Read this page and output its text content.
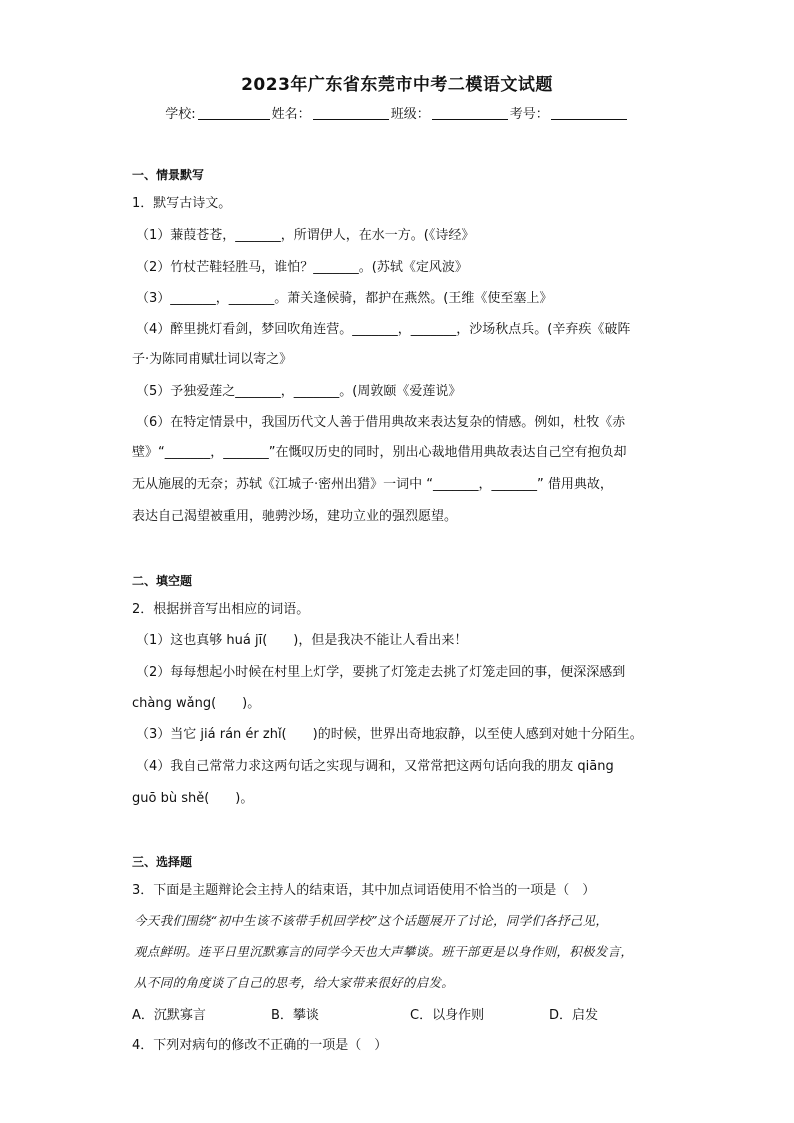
2023年广东省东莞市中考二模语文试题
学校:	姓名：	班级：	考号：
一、情景默写
1．默写古诗文。
（1）蒹葭苍苍，_______，所谓伊人，在水一方。(《诗经》
（2）竹杖芒鞋轻胜马，谁怕？_______。(苏轼《定风波》
（3）_______，_______。萧关逢候骑，都护在燕然。(王维《使至塞上》
（4）醉里挑灯看剑，梦回吹角连营。_______，_______，沙场秋点兵。(辛弃疾《破阵
子·为陈同甫赋壮词以寄之》
（5）予独爱莲之_______，_______。(周敦颐《爱莲说》
（6）在特定情景中，我国历代文人善于借用典故来表达复杂的情感。例如，杜牧《赤
壁》“_______，_______”在慨叹历史的同时，别出心裁地借用典故表达自己空有抱负却
无从施展的无奈；苏轼《江城子·密州出猎》一词中 “_______，_______” 借用典故，
表达自己渴望被重用，驰骋沙场，建功立业的强烈愿望。
二、填空题
2．根据拼音写出相应的词语。
（1）这也真够 huá jī(　　)，但是我决不能让人看出来！
（2）每每想起小时候在村里上灯学，要挑了灯笼走去挑了灯笼走回的事，便深深感到
chàng wǎng(　　)。
（3）当它 jiá rán ér zhǐ(　　)的时候，世界出奇地寂静，以至使人感到对她十分陌生。
（4）我自己常常力求这两句话之实现与调和，又常常把这两句话向我的朋友 qiāng
guō bù shě(　　)。
三、选择题
3．下面是主题辩论会主持人的结束语，其中加点词语使用不恰当的一项是（　）
今天我们围绕“初中生该不该带手机回学校”这个话题展开了讨论，同学们各抒己见，
观点鲜明。连平日里沉默寡言的同学今天也大声攀谈。班干部更是以身作则，积极发言，
从不同的角度谈了自己的思考，给大家带来很好的启发。
A．沉默寡言	B．攀谈	C．以身作则	D．启发
4．下列对病句的修改不正确的一项是（　）
